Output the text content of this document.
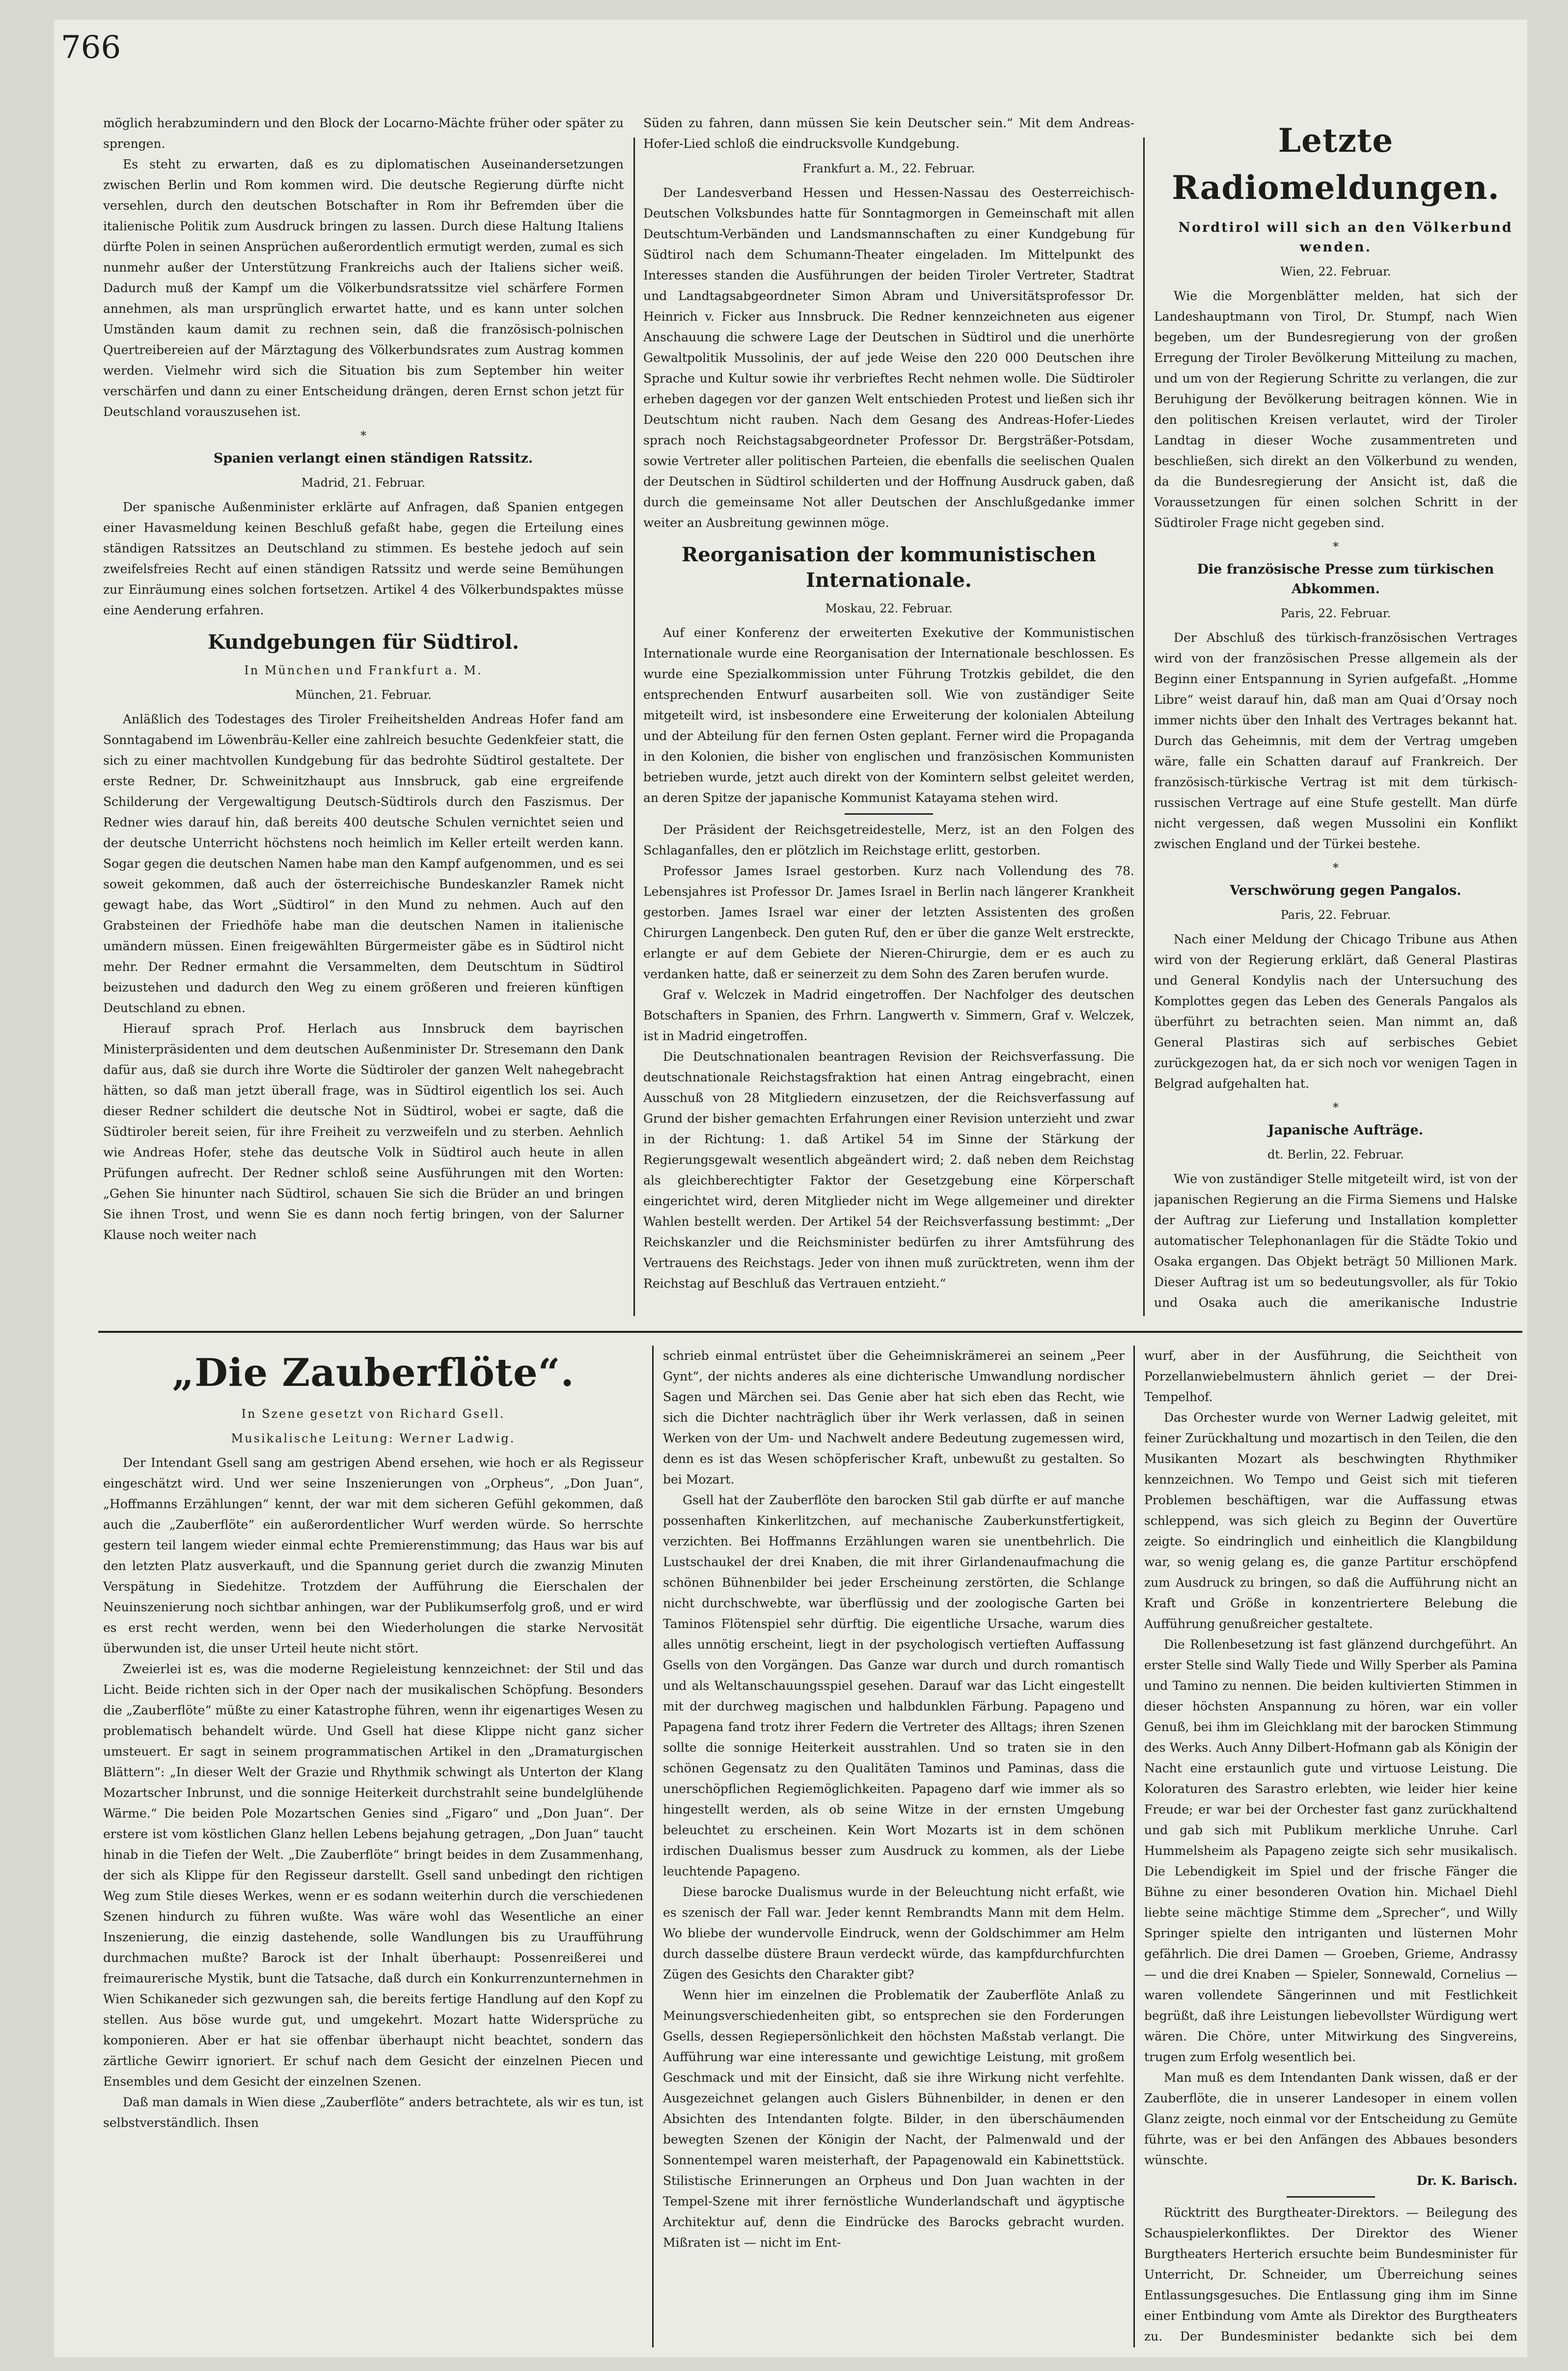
766

möglich herabzumindern und den Block der Locarno-Mächte früher oder später zu sprengen.

Es steht zu erwarten, daß es zu diplomatischen Auseinandersetzungen zwischen Berlin und Rom kommen wird. Die deutsche Regierung dürfte nicht versehlen, durch den deutschen Botschafter in Rom ihr Befremden über die italienische Politik zum Ausdruck bringen zu lassen. Durch diese Haltung Italiens dürfte Polen in seinen Ansprüchen außerordentlich ermutigt werden, zumal es sich nunmehr außer der Unterstützung Frankreichs auch der Italiens sicher weiß. Dadurch muß der Kampf um die Völkerbundsratssitze viel schärfere Formen annehmen, als man ursprünglich erwartet hatte, und es kann unter solchen Umständen kaum damit zu rechnen sein, daß die französisch-polnischen Quertreibereien auf der Märztagung des Völkerbundsrates zum Austrag kommen werden. Vielmehr wird sich die Situation bis zum September hin weiter verschärfen und dann zu einer Entscheidung drängen, deren Ernst schon jetzt für Deutschland vorauszusehen ist.

*

Spanien verlangt einen ständigen Ratssitz.

Madrid, 21. Februar.

Der spanische Außenminister erklärte auf Anfragen, daß Spanien entgegen einer Havasmeldung keinen Beschluß gefaßt habe, gegen die Erteilung eines ständigen Ratssitzes an Deutschland zu stimmen. Es bestehe jedoch auf sein zweifelsfreies Recht auf einen ständigen Ratssitz und werde seine Bemühungen zur Einräumung eines solchen fortsetzen. Artikel 4 des Völkerbundspaktes müsse eine Aenderung erfahren.

Kundgebungen für Südtirol.

In München und Frankfurt a. M.

München, 21. Februar.

Anläßlich des Todestages des Tiroler Freiheitshelden Andreas Hofer fand am Sonntagabend im Löwenbräu-Keller eine zahlreich besuchte Gedenkfeier statt, die sich zu einer machtvollen Kundgebung für das bedrohte Südtirol gestaltete. Der erste Redner, Dr. Schweinitzhaupt aus Innsbruck, gab eine ergreifende Schilderung der Vergewaltigung Deutsch-Südtirols durch den Faszismus. Der Redner wies darauf hin, daß bereits 400 deutsche Schulen vernichtet seien und der deutsche Unterricht höchstens noch heimlich im Keller erteilt werden kann. Sogar gegen die deutschen Namen habe man den Kampf aufgenommen, und es sei soweit gekommen, daß auch der österreichische Bundeskanzler Ramek nicht gewagt habe, das Wort „Südtirol“ in den Mund zu nehmen. Auch auf den Grabsteinen der Friedhöfe habe man die deutschen Namen in italienische umändern müssen. Einen freigewählten Bürgermeister gäbe es in Südtirol nicht mehr. Der Redner ermahnt die Versammelten, dem Deutschtum in Südtirol beizustehen und dadurch den Weg zu einem größeren und freieren künftigen Deutschland zu ebnen.

Hierauf sprach Prof. Herlach aus Innsbruck dem bayrischen Ministerpräsidenten und dem deutschen Außenminister Dr. Stresemann den Dank dafür aus, daß sie durch ihre Worte die Südtiroler der ganzen Welt nahegebracht hätten, so daß man jetzt überall frage, was in Südtirol eigentlich los sei. Auch dieser Redner schildert die deutsche Not in Südtirol, wobei er sagte, daß die Südtiroler bereit seien, für ihre Freiheit zu verzweifeln und zu sterben. Aehnlich wie Andreas Hofer, stehe das deutsche Volk in Südtirol auch heute in allen Prüfungen aufrecht. Der Redner schloß seine Ausführungen mit den Worten: „Gehen Sie hinunter nach Südtirol, schauen Sie sich die Brüder an und bringen Sie ihnen Trost, und wenn Sie es dann noch fertig bringen, von der Salurner Klause noch weiter nach

Süden zu fahren, dann müssen Sie kein Deutscher sein.“ Mit dem Andreas-Hofer-Lied schloß die eindrucksvolle Kundgebung.

Frankfurt a. M., 22. Februar.

Der Landesverband Hessen und Hessen-Nassau des Oesterreichisch-Deutschen Volksbundes hatte für Sonntagmorgen in Gemeinschaft mit allen Deutschtum-Verbänden und Landsmannschaften zu einer Kundgebung für Südtirol nach dem Schumann-Theater eingeladen. Im Mittelpunkt des Interesses standen die Ausführungen der beiden Tiroler Vertreter, Stadtrat und Landtagsabgeordneter Simon Abram und Universitätsprofessor Dr. Heinrich v. Ficker aus Innsbruck. Die Redner kennzeichneten aus eigener Anschauung die schwere Lage der Deutschen in Südtirol und die unerhörte Gewaltpolitik Mussolinis, der auf jede Weise den 220 000 Deutschen ihre Sprache und Kultur sowie ihr verbrieftes Recht nehmen wolle. Die Südtiroler erheben dagegen vor der ganzen Welt entschieden Protest und ließen sich ihr Deutschtum nicht rauben. Nach dem Gesang des Andreas-Hofer-Liedes sprach noch Reichstagsabgeordneter Professor Dr. Bergsträßer-Potsdam, sowie Vertreter aller politischen Parteien, die ebenfalls die seelischen Qualen der Deutschen in Südtirol schilderten und der Hoffnung Ausdruck gaben, daß durch die gemeinsame Not aller Deutschen der Anschlußgedanke immer weiter an Ausbreitung gewinnen möge.

Reorganisation der kommunistischen Internationale.

Moskau, 22. Februar.

Auf einer Konferenz der erweiterten Exekutive der Kommunistischen Internationale wurde eine Reorganisation der Internationale beschlossen. Es wurde eine Spezialkommission unter Führung Trotzkis gebildet, die den entsprechenden Entwurf ausarbeiten soll. Wie von zuständiger Seite mitgeteilt wird, ist insbesondere eine Erweiterung der kolonialen Abteilung und der Abteilung für den fernen Osten geplant. Ferner wird die Propaganda in den Kolonien, die bisher von englischen und französischen Kommunisten betrieben wurde, jetzt auch direkt von der Komintern selbst geleitet werden, an deren Spitze der japanische Kommunist Katayama stehen wird.

Der Präsident der Reichsgetreidestelle, Merz, ist an den Folgen des Schlaganfalles, den er plötzlich im Reichstage erlitt, gestorben.

Professor James Israel gestorben. Kurz nach Vollendung des 78. Lebensjahres ist Professor Dr. James Israel in Berlin nach längerer Krankheit gestorben. James Israel war einer der letzten Assistenten des großen Chirurgen Langenbeck. Den guten Ruf, den er über die ganze Welt erstreckte, erlangte er auf dem Gebiete der Nieren-Chirurgie, dem er es auch zu verdanken hatte, daß er seinerzeit zu dem Sohn des Zaren berufen wurde.

Graf v. Welczek in Madrid eingetroffen. Der Nachfolger des deutschen Botschafters in Spanien, des Frhrn. Langwerth v. Simmern, Graf v. Welczek, ist in Madrid eingetroffen.

Die Deutschnationalen beantragen Revision der Reichsverfassung. Die deutschnationale Reichstagsfraktion hat einen Antrag eingebracht, einen Ausschuß von 28 Mitgliedern einzusetzen, der die Reichsverfassung auf Grund der bisher gemachten Erfahrungen einer Revision unterzieht und zwar in der Richtung: 1. daß Artikel 54 im Sinne der Stärkung der Regierungsgewalt wesentlich abgeändert wird; 2. daß neben dem Reichstag als gleichberechtigter Faktor der Gesetzgebung eine Körperschaft eingerichtet wird, deren Mitglieder nicht im Wege allgemeiner und direkter Wahlen bestellt werden. Der Artikel 54 der Reichsverfassung bestimmt: „Der Reichskanzler und die Reichsminister bedürfen zu ihrer Amtsführung des Vertrauens des Reichstags. Jeder von ihnen muß zurücktreten, wenn ihm der Reichstag auf Beschluß das Vertrauen entzieht.“

Letzte Radiomeldungen.

Nordtirol will sich an den Völkerbund wenden.

Wien, 22. Februar.

Wie die Morgenblätter melden, hat sich der Landeshauptmann von Tirol, Dr. Stumpf, nach Wien begeben, um der Bundesregierung von der großen Erregung der Tiroler Bevölkerung Mitteilung zu machen, und um von der Regierung Schritte zu verlangen, die zur Beruhigung der Bevölkerung beitragen können. Wie in den politischen Kreisen verlautet, wird der Tiroler Landtag in dieser Woche zusammentreten und beschließen, sich direkt an den Völkerbund zu wenden, da die Bundesregierung der Ansicht ist, daß die Voraussetzungen für einen solchen Schritt in der Südtiroler Frage nicht gegeben sind.

*

Die französische Presse zum türkischen Abkommen.

Paris, 22. Februar.

Der Abschluß des türkisch-französischen Vertrages wird von der französischen Presse allgemein als der Beginn einer Entspannung in Syrien aufgefaßt. „Homme Libre“ weist darauf hin, daß man am Quai d’Orsay noch immer nichts über den Inhalt des Vertrages bekannt hat. Durch das Geheimnis, mit dem der Vertrag umgeben wäre, falle ein Schatten darauf auf Frankreich. Der französisch-türkische Vertrag ist mit dem türkisch-russischen Vertrage auf eine Stufe gestellt. Man dürfe nicht vergessen, daß wegen Mussolini ein Konflikt zwischen England und der Türkei bestehe.

*

Verschwörung gegen Pangalos.

Paris, 22. Februar.

Nach einer Meldung der Chicago Tribune aus Athen wird von der Regierung erklärt, daß General Plastiras und General Kondylis nach der Untersuchung des Komplottes gegen das Leben des Generals Pangalos als überführt zu betrachten seien. Man nimmt an, daß General Plastiras sich auf serbisches Gebiet zurückgezogen hat, da er sich noch vor wenigen Tagen in Belgrad aufgehalten hat.

*

Japanische Aufträge.

dt. Berlin, 22. Februar.

Wie von zuständiger Stelle mitgeteilt wird, ist von der japanischen Regierung an die Firma Siemens und Halske der Auftrag zur Lieferung und Installation kompletter automatischer Telephonanlagen für die Städte Tokio und Osaka ergangen. Das Objekt beträgt 50 Millionen Mark. Dieser Auftrag ist um so bedeutungsvoller, als für Tokio und Osaka auch die amerikanische Industrie

„Die Zauberflöte“.

In Szene gesetzt von Richard Gsell.

Musikalische Leitung: Werner Ladwig.

Der Intendant Gsell sang am gestrigen Abend ersehen, wie hoch er als Regisseur eingeschätzt wird. Und wer seine Inszenierungen von „Orpheus“, „Don Juan“, „Hoffmanns Erzählungen“ kennt, der war mit dem sicheren Gefühl gekommen, daß auch die „Zauberflöte“ ein außerordentlicher Wurf werden würde. So herrschte gestern teil langem wieder einmal echte Premierenstimmung; das Haus war bis auf den letzten Platz ausverkauft, und die Spannung geriet durch die zwanzig Minuten Verspätung in Siedehitze. Trotzdem der Aufführung die Eierschalen der Neuinszenierung noch sichtbar anhingen, war der Publikumserfolg groß, und er wird es erst recht werden, wenn bei den Wiederholungen die starke Nervosität überwunden ist, die unser Urteil heute nicht stört.

Zweierlei ist es, was die moderne Regieleistung kennzeichnet: der Stil und das Licht. Beide richten sich in der Oper nach der musikalischen Schöpfung. Besonders die „Zauberflöte“ müßte zu einer Katastrophe führen, wenn ihr eigenartiges Wesen zu problematisch behandelt würde. Und Gsell hat diese Klippe nicht ganz sicher umsteuert. Er sagt in seinem programmatischen Artikel in den „Dramaturgischen Blättern“: „In dieser Welt der Grazie und Rhythmik schwingt als Unterton der Klang Mozartscher Inbrunst, und die sonnige Heiterkeit durchstrahlt seine bundelglühende Wärme.“ Die beiden Pole Mozartschen Genies sind „Figaro“ und „Don Juan“. Der erstere ist vom köstlichen Glanz hellen Lebens bejahung getragen, „Don Juan“ taucht hinab in die Tiefen der Welt. „Die Zauberflöte“ bringt beides in dem Zusammenhang, der sich als Klippe für den Regisseur darstellt. Gsell sand unbedingt den richtigen Weg zum Stile dieses Werkes, wenn er es sodann weiterhin durch die verschiedenen Szenen hindurch zu führen wußte. Was wäre wohl das Wesentliche an einer Inszenierung, die einzig dastehende, solle Wandlungen bis zu Uraufführung durchmachen mußte? Barock ist der Inhalt überhaupt: Possenreißerei und freimaurerische Mystik, bunt die Tatsache, daß durch ein Konkurrenzunternehmen in Wien Schikaneder sich gezwungen sah, die bereits fertige Handlung auf den Kopf zu stellen. Aus böse wurde gut, und umgekehrt. Mozart hatte Widersprüche zu komponieren. Aber er hat sie offenbar überhaupt nicht beachtet, sondern das zärtliche Gewirr ignoriert. Er schuf nach dem Gesicht der einzelnen Piecen und Ensembles und dem Gesicht der einzelnen Szenen.

Daß man damals in Wien diese „Zauberflöte“ anders betrachtete, als wir es tun, ist selbstverständlich. Ihsen

schrieb einmal entrüstet über die Geheimniskrämerei an seinem „Peer Gynt“, der nichts anderes als eine dichterische Umwandlung nordischer Sagen und Märchen sei. Das Genie aber hat sich eben das Recht, wie sich die Dichter nachträglich über ihr Werk verlassen, daß in seinen Werken von der Um- und Nachwelt andere Bedeutung zugemessen wird, denn es ist das Wesen schöpferischer Kraft, unbewußt zu gestalten. So bei Mozart.

Gsell hat der Zauberflöte den barocken Stil gab dürfte er auf manche possenhaften Kinkerlitzchen, auf mechanische Zauberkunstfertigkeit, verzichten. Bei Hoffmanns Erzählungen waren sie unentbehrlich. Die Lustschaukel der drei Knaben, die mit ihrer Girlandenaufmachung die schönen Bühnenbilder bei jeder Erscheinung zerstörten, die Schlange nicht durchschwebte, war überflüssig und der zoologische Garten bei Taminos Flötenspiel sehr dürftig. Die eigentliche Ursache, warum dies alles unnötig erscheint, liegt in der psychologisch vertieften Auffassung Gsells von den Vorgängen. Das Ganze war durch und durch romantisch und als Weltanschauungsspiel gesehen. Darauf war das Licht eingestellt mit der durchweg magischen und halbdunklen Färbung. Papageno und Papagena fand trotz ihrer Federn die Vertreter des Alltags; ihren Szenen sollte die sonnige Heiterkeit ausstrahlen. Und so traten sie in den schönen Gegensatz zu den Qualitäten Taminos und Paminas, dass die unerschöpflichen Regiemöglichkeiten. Papageno darf wie immer als so hingestellt werden, als ob seine Witze in der ernsten Umgebung beleuchtet zu erscheinen. Kein Wort Mozarts ist in dem schönen irdischen Dualismus besser zum Ausdruck zu kommen, als der Liebe leuchtende Papageno.

Diese barocke Dualismus wurde in der Beleuchtung nicht erfaßt, wie es szenisch der Fall war. Jeder kennt Rembrandts Mann mit dem Helm. Wo bliebe der wundervolle Eindruck, wenn der Goldschimmer am Helm durch dasselbe düstere Braun verdeckt würde, das kampfdurchfurchten Zügen des Gesichts den Charakter gibt?

Wenn hier im einzelnen die Problematik der Zauberflöte Anlaß zu Meinungsverschiedenheiten gibt, so entsprechen sie den Forderungen Gsells, dessen Regiepersönlichkeit den höchsten Maßstab verlangt. Die Aufführung war eine interessante und gewichtige Leistung, mit großem Geschmack und mit der Einsicht, daß sie ihre Wirkung nicht verfehlte. Ausgezeichnet gelangen auch Gislers Bühnenbilder, in denen er den Absichten des Intendanten folgte. Bilder, in den überschäumenden bewegten Szenen der Königin der Nacht, der Palmenwald und der Sonnentempel waren meisterhaft, der Papagenowald ein Kabinettstück. Stilistische Erinnerungen an Orpheus und Don Juan wachten in der Tempel-Szene mit ihrer fernöstliche Wunderlandschaft und ägyptische Architektur auf, denn die Eindrücke des Barocks gebracht wurden. Mißraten ist — nicht im Ent-

wurf, aber in der Ausführung, die Seichtheit von Porzellanwiebelmustern ähnlich geriet — der Drei-Tempelhof.

Das Orchester wurde von Werner Ladwig geleitet, mit feiner Zurückhaltung und mozartisch in den Teilen, die den Musikanten Mozart als beschwingten Rhythmiker kennzeichnen. Wo Tempo und Geist sich mit tieferen Problemen beschäftigen, war die Auffassung etwas schleppend, was sich gleich zu Beginn der Ouvertüre zeigte. So eindringlich und einheitlich die Klangbildung war, so wenig gelang es, die ganze Partitur erschöpfend zum Ausdruck zu bringen, so daß die Aufführung nicht an Kraft und Größe in konzentriertere Belebung die Aufführung genußreicher gestaltete.

Die Rollenbesetzung ist fast glänzend durchgeführt. An erster Stelle sind Wally Tiede und Willy Sperber als Pamina und Tamino zu nennen. Die beiden kultivierten Stimmen in dieser höchsten Anspannung zu hören, war ein voller Genuß, bei ihm im Gleichklang mit der barocken Stimmung des Werks. Auch Anny Dilbert-Hofmann gab als Königin der Nacht eine erstaunlich gute und virtuose Leistung. Die Koloraturen des Sarastro erlebten, wie leider hier keine Freude; er war bei der Orchester fast ganz zurückhaltend und gab sich mit Publikum merkliche Unruhe. Carl Hummelsheim als Papageno zeigte sich sehr musikalisch. Die Lebendigkeit im Spiel und der frische Fänger die Bühne zu einer besonderen Ovation hin. Michael Diehl liebte seine mächtige Stimme dem „Sprecher“, und Willy Springer spielte den intriganten und lüsternen Mohr gefährlich. Die drei Damen — Groeben, Grieme, Andrassy — und die drei Knaben — Spieler, Sonnewald, Cornelius — waren vollendete Sängerinnen und mit Festlichkeit begrüßt, daß ihre Leistungen liebevollster Würdigung wert wären. Die Chöre, unter Mitwirkung des Singvereins, trugen zum Erfolg wesentlich bei.

Man muß es dem Intendanten Dank wissen, daß er der Zauberflöte, die in unserer Landesoper in einem vollen Glanz zeigte, noch einmal vor der Entscheidung zu Gemüte führte, was er bei den Anfängen des Abbaues besonders wünschte.

Dr. K. Barisch.

Rücktritt des Burgtheater-Direktors. — Beilegung des Schauspielerkonfliktes. Der Direktor des Wiener Burgtheaters Herterich ersuchte beim Bundesminister für Unterricht, Dr. Schneider, um Überreichung seines Entlassungsgesuches. Die Entlassung ging ihm im Sinne einer Entbindung vom Amte als Direktor des Burgtheaters zu. Der Bundesminister bedankte sich bei dem
